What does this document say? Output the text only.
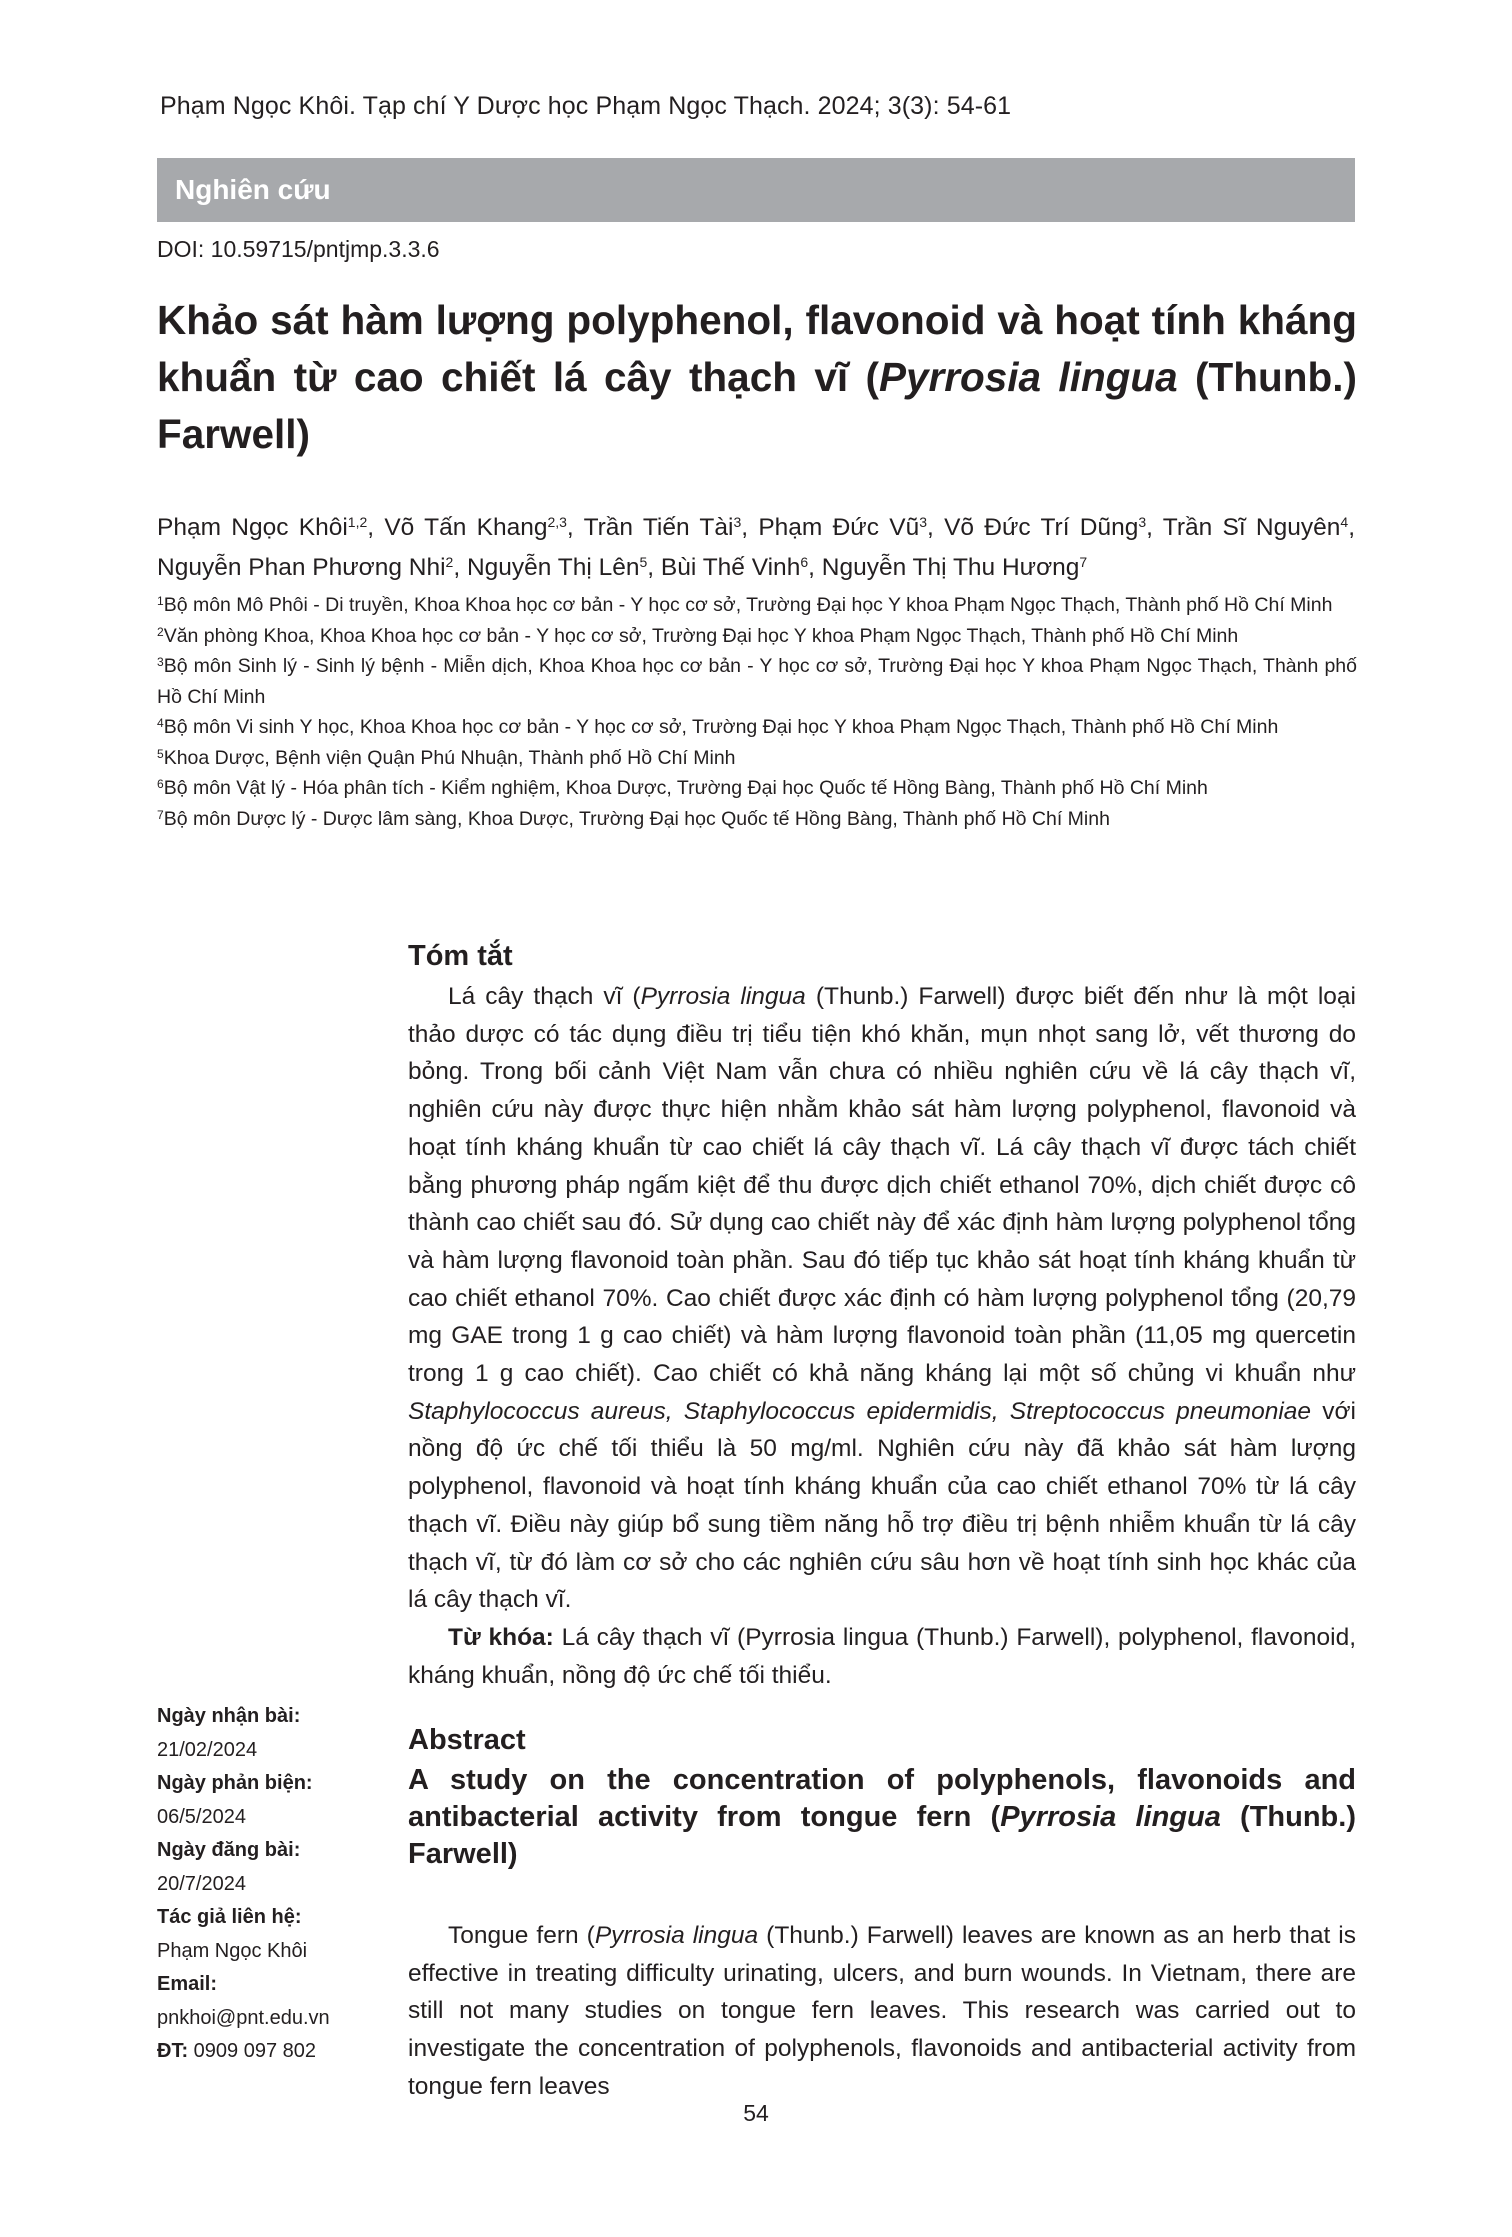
Phạm Ngọc Khôi. Tạp chí Y Dược học Phạm Ngọc Thạch. 2024; 3(3): 54-61
Nghiên cứu
DOI: 10.59715/pntjmp.3.3.6
Khảo sát hàm lượng polyphenol, flavonoid và hoạt tính kháng khuẩn từ cao chiết lá cây thạch vĩ (Pyrrosia lingua (Thunb.) Farwell)

Phạm Ngọc Khôi$^{1,2}$, Võ Tấn Khang$^{2,3}$, Trần Tiến Tài$^3$, Phạm Đức $Vũ^3$, Võ Đức Trí Dũng$^3$, Trần Sĩ Nguyên$^4$, Nguyễn Phan Phương Nhi$^2$, Nguyễn Thị Lên$^5$, Bùi Thế Vinh$^6$, Nguyễn Thị Thu Hương$^7$

$^1$Bộ môn Mô Phôi - Di truyền, Khoa Khoa học cơ bản - Y học cơ sở, Trường Đại học Y khoa Phạm Ngọc Thạch, Thành phố Hồ Chí Minh
$^2$Văn phòng Khoa, Khoa Khoa học cơ bản - Y học cơ sở, Trường Đại học Y khoa Phạm Ngọc Thạch, Thành phố Hồ Chí Minh
$^3$Bộ môn Sinh lý - Sinh lý bệnh - Miễn dịch, Khoa Khoa học cơ bản - Y học cơ sở, Trường Đại học Y khoa Phạm Ngọc Thạch, Thành phố Hồ Chí Minh
$^4$Bộ môn Vi sinh Y học, Khoa Khoa học cơ bản - Y học cơ sở, Trường Đại học Y khoa Phạm Ngọc Thạch, Thành phố Hồ Chí Minh
$^5$Khoa Dược, Bệnh viện Quận Phú Nhuận, Thành phố Hồ Chí Minh
$^6$Bộ môn Vật lý - Hóa phân tích - Kiểm nghiệm, Khoa Dược, Trường Đại học Quốc tế Hồng Bàng, Thành phố Hồ Chí Minh
$^7$Bộ môn Dược lý - Dược lâm sàng, Khoa Dược, Trường Đại học Quốc tế Hồng Bàng, Thành phố Hồ Chí Minh
Tóm tắt

Lá cây thạch vĩ (Pyrrosia lingua (Thunb.) Farwell) được biết đến như là một loại thảo dược có tác dụng điều trị tiểu tiện khó khăn, mụn nhọt sang lở, vết thương do bỏng. Trong bối cảnh Việt Nam vẫn chưa có nhiều nghiên cứu về lá cây thạch vĩ, nghiên cứu này được thực hiện nhằm khảo sát hàm lượng polyphenol, flavonoid và hoạt tính kháng khuẩn từ cao chiết lá cây thạch vĩ. Lá cây thạch vĩ được tách chiết bằng phương pháp ngấm kiệt để thu được dịch chiết ethanol 70%, dịch chiết được cô thành cao chiết sau đó. Sử dụng cao chiết này để xác định hàm lượng polyphenol tổng và hàm lượng flavonoid toàn phần. Sau đó tiếp tục khảo sát hoạt tính kháng khuẩn từ cao chiết ethanol 70%. Cao chiết được xác định có hàm lượng polyphenol tổng (20,79 mg GAE trong 1 g cao chiết) và hàm lượng flavonoid toàn phần (11,05 mg quercetin trong 1 g cao chiết). Cao chiết có khả năng kháng lại một số chủng vi khuẩn như Staphylococcus aureus, Staphylococcus epidermidis, Streptococcus pneumoniae với nồng độ ức chế tối thiểu là 50 mg/ml. Nghiên cứu này đã khảo sát hàm lượng polyphenol, flavonoid và hoạt tính kháng khuẩn của cao chiết ethanol 70% từ lá cây thạch vĩ. Điều này giúp bổ sung tiềm năng hỗ trợ điều trị bệnh nhiễm khuẩn từ lá cây thạch vĩ, từ đó làm cơ sở cho các nghiên cứu sâu hơn về hoạt tính sinh học khác của lá cây thạch vĩ.

Từ khóa: Lá cây thạch vĩ (Pyrrosia lingua (Thunb.) Farwell), polyphenol, flavonoid, kháng khuẩn, nồng độ ức chế tối thiểu.

Abstract
A study on the concentration of polyphenols, flavonoids and antibacterial activity from tongue fern (Pyrrosia lingua (Thunb.) Farwell)

Tongue fern (Pyrrosia lingua (Thunb.) Farwell) leaves are known as an herb that is effective in treating difficulty urinating, ulcers, and burn wounds. In Vietnam, there are still not many studies on tongue fern leaves. This research was carried out to investigate the concentration of polyphenols, flavonoids and antibacterial activity from tongue fern leaves

Ngày nhận bài:
21/02/2024
Ngày phản biện:
06/5/2024
Ngày đăng bài:
20/7/2024
Tác giả liên hệ:
Phạm Ngọc Khôi
Email:
pnkhoi@pnt.edu.vn
ĐT: 0909 097 802
54
